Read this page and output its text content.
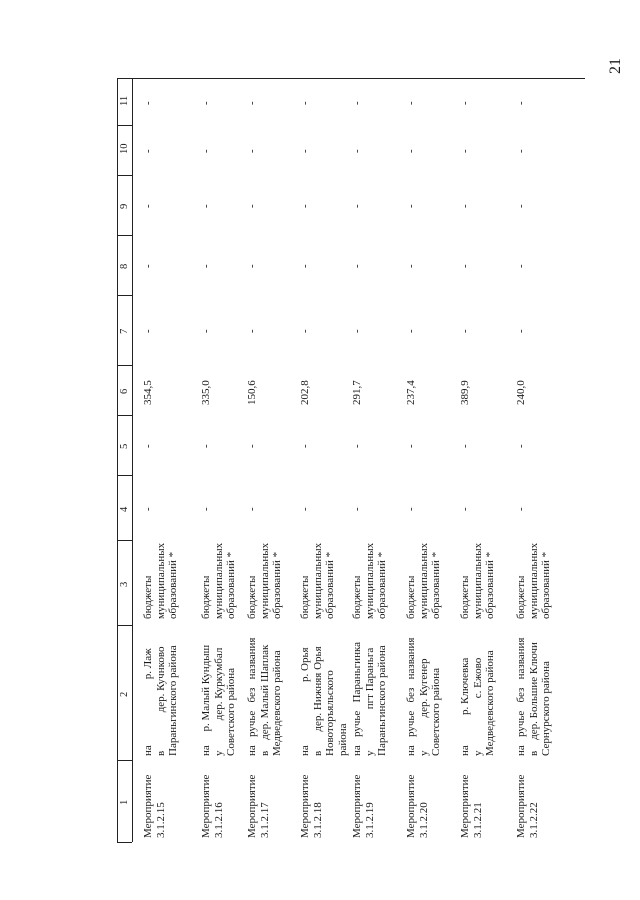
21
1
2
3
4
5
6
7
8
9
10
11
Мероприятие
3.1.2.15
на                        р. Лаж
в              дер. Кучнково
Параньгинского района
бюджеты
муниципальных
образований *
-
-
354,5
-
-
-
-
-
Мероприятие
3.1.2.16
на     р. Малый Кундыш
у           дер. Куркумбал
Советского района
бюджеты
муниципальных
образований *
-
-
335,0
-
-
-
-
-
Мероприятие
3.1.2.17
на   ручье   без   названия
в    дер. Малый Шаплак
Медведевского района
бюджеты
муниципальных
образований *
-
-
150,6
-
-
-
-
-
Мероприятие
3.1.2.18
на                       р. Орья
в       дер. Нижняя Орья
Новоторъяльского
района
бюджеты
муниципальных
образований *
-
-
202,8
-
-
-
-
-
Мероприятие
3.1.2.19
на   ручье   Параньгинка
у               пгт Параньга
Параньгинского района
бюджеты
муниципальных
образований *
-
-
291,7
-
-
-
-
-
Мероприятие
3.1.2.20
на   ручье   без   названия
у            дер. Кугенер
Советского района
бюджеты
муниципальных
образований *
-
-
237,4
-
-
-
-
-
Мероприятие
3.1.2.21
на           р. Ключевка
у                   с. Ежово
Медведевского района
бюджеты
муниципальных
образований *
-
-
389,9
-
-
-
-
-
Мероприятие
3.1.2.22
на   ручье   без   названия
в    дер. Большие Ключи
Сернурского района
бюджеты
муниципальных
образований *
-
-
240,0
-
-
-
-
-
